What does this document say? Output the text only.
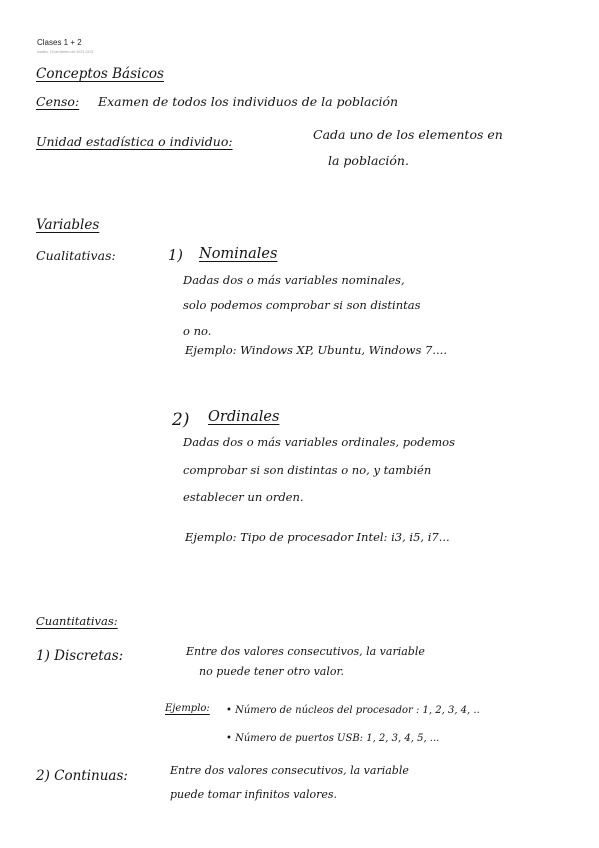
Clases 1 + 2
martes, 16 de febrero de 2021 13:21
Conceptos Básicos
Censo: Examen de todos los individuos de la población
Unidad estadística o individuo:	Cada uno de los elementos en
la población.
Variables
Cualitativas:	1) Nominales
Dadas dos o más variables nominales,
solo podemos comprobar si son distintas
o no.
Ejemplo: Windows XP, Ubuntu, Windows 7....
2) Ordinales
Dadas dos o más variables ordinales, podemos
comprobar si son distintas o no, y también
establecer un orden.
Ejemplo: Tipo de procesador Intel: i3, i5, i7...
Cuantitativas:
1) Discretas:	Entre dos valores consecutivos, la variable
no puede tener otro valor.
Ejemplo: • Número de núcleos del procesador : 1, 2, 3, 4, ..
• Número de puertos USB: 1, 2, 3, 4, 5, ...
2) Continuas:	Entre dos valores consecutivos, la variable
puede tomar infinitos valores.
